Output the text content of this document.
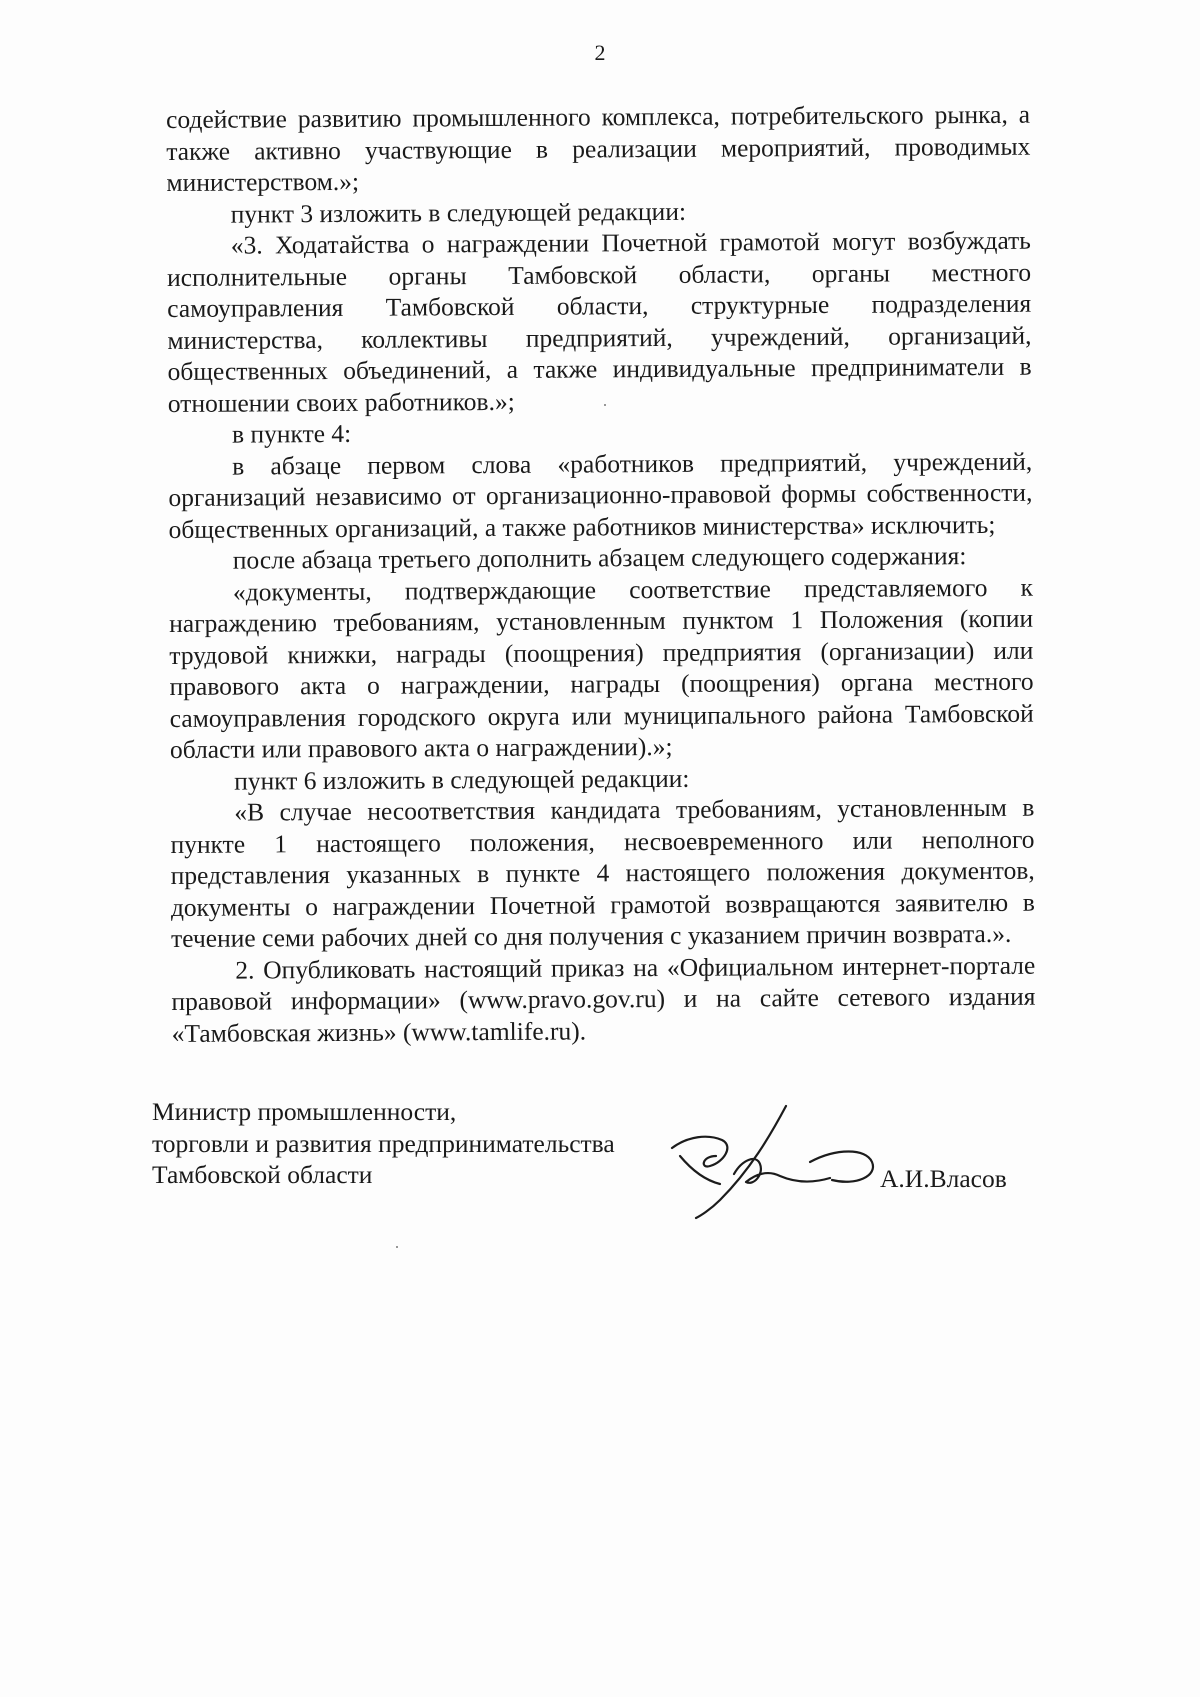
2

содействие развитию промышленного комплекса, потребительского рынка, а также активно участвующие в реализации мероприятий, проводимых министерством.»;

пункт 3 изложить в следующей редакции:

«3. Ходатайства о награждении Почетной грамотой могут возбуждать исполнительные органы Тамбовской области, органы местного самоуправления Тамбовской области, структурные подразделения министерства, коллективы предприятий, учреждений, организаций, общественных объединений, а также индивидуальные предприниматели в отношении своих работников.»;

в пункте 4:

в абзаце первом слова «работников предприятий, учреждений, организаций независимо от организационно-правовой формы собственности, общественных организаций, а также работников министерства» исключить;

после абзаца третьего дополнить абзацем следующего содержания:

«документы, подтверждающие соответствие представляемого к награждению требованиям, установленным пунктом 1 Положения (копии трудовой книжки, награды (поощрения) предприятия (организации) или правового акта о награждении, награды (поощрения) органа местного самоуправления городского округа или муниципального района Тамбовской области или правового акта о награждении).»;

пункт 6 изложить в следующей редакции:

«В случае несоответствия кандидата требованиям, установленным в пункте 1 настоящего положения, несвоевременного или неполного представления указанных в пункте 4 настоящего положения документов, документы о награждении Почетной грамотой возвращаются заявителю в течение семи рабочих дней со дня получения с указанием причин возврата.».

2. Опубликовать настоящий приказ на «Официальном интернет-портале правовой информации» (www.pravo.gov.ru) и на сайте сетевого издания «Тамбовская жизнь» (www.tamlife.ru).

Министр промышленности,
торговли и развития предпринимательства
Тамбовской области	А.И.Власов
